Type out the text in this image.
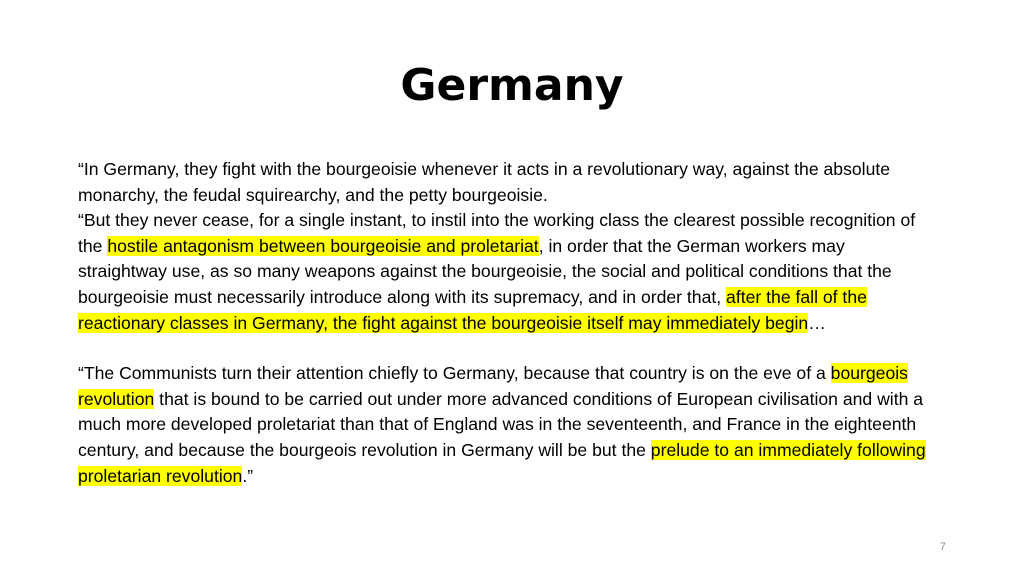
Germany

“In Germany, they fight with the bourgeoisie whenever it acts in a revolutionary way, against the absolute monarchy, the feudal squirearchy, and the petty bourgeoisie.

“But they never cease, for a single instant, to instil into the working class the clearest possible recognition of the hostile antagonism between bourgeoisie and proletariat, in order that the German workers may straightway use, as so many weapons against the bourgeoisie, the social and political conditions that the bourgeoisie must necessarily introduce along with its supremacy, and in order that, after the fall of the reactionary classes in Germany, the fight against the bourgeoisie itself may immediately begin…

“The Communists turn their attention chiefly to Germany, because that country is on the eve of a bourgeois revolution that is bound to be carried out under more advanced conditions of European civilisation and with a much more developed proletariat than that of England was in the seventeenth, and France in the eighteenth century, and because the bourgeois revolution in Germany will be but the prelude to an immediately following proletarian revolution.”

7
